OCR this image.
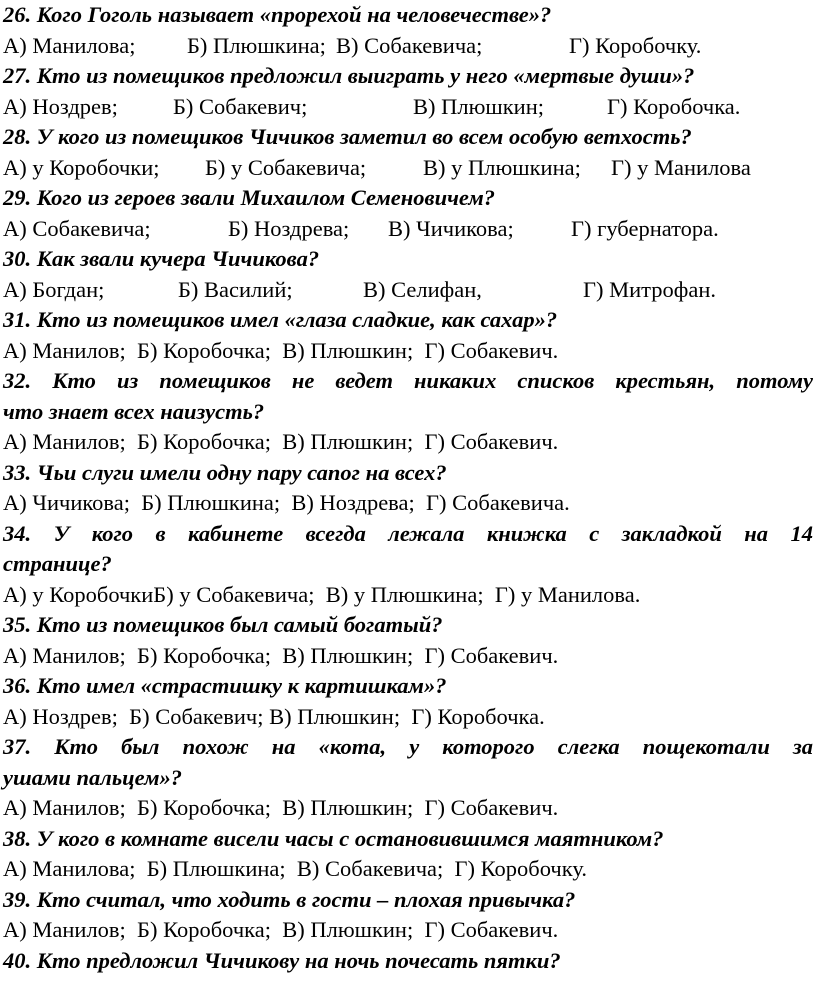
26. Кого Гоголь называет «прорехой на человечестве»?

А) Манилова;

Б) Плюшкина;

В) Собакевича;

	Г) Коробочку.

27. Кто из помещиков предложил выиграть у него «мертвые души»?

А) Ноздрев;

Б) Собакевич;

	В) Плюшкин;

	Г) Коробочка.

28. У кого из помещиков Чичиков заметил во всем особую ветхость?

А) у Коробочки;

Б) у Собакевича;

	В) у Плюшкина;

Г) у Манилова

29. Кого из героев звали Михаилом Семеновичем?

А) Собакевича;

	Б) Ноздрева;

В) Чичикова;

	Г) губернатора.

30. Как звали кучера Чичикова?

А) Богдан;

	Б) Василий;

	В) Селифан,

	Г) Митрофан.

31. Кто из помещиков имел «глаза сладкие, как сахар»?
А) Манилов;  Б) Коробочка;  В) Плюшкин;  Г) Собакевич.
32. Кто из помещиков не ведет никаких списков крестьян, потому
что знает всех наизусть?
А) Манилов;  Б) Коробочка;  В) Плюшкин;  Г) Собакевич.
33. Чьи слуги имели одну пару сапог на всех?
А) Чичикова;  Б) Плюшкина;  В) Ноздрева;  Г) Собакевича.
34. У кого в кабинете всегда лежала книжка с закладкой на 14
странице?
А) у КоробочкиБ) у Собакевича;  В) у Плюшкина;  Г) у Манилова.
35. Кто из помещиков был самый богатый?
А) Манилов;  Б) Коробочка;  В) Плюшкин;  Г) Собакевич.
36. Кто имел «страстишку к картишкам»?
А) Ноздрев;  Б) Собакевич; В) Плюшкин;  Г) Коробочка.
37. Кто был похож на «кота, у которого слегка пощекотали за
ушами пальцем»?
А) Манилов;  Б) Коробочка;  В) Плюшкин;  Г) Собакевич.
38. У кого в комнате висели часы с остановившимся маятником?
А) Манилова;  Б) Плюшкина;  В) Собакевича;  Г) Коробочку.
39. Кто считал, что ходить в гости – плохая привычка?
А) Манилов;  Б) Коробочка;  В) Плюшкин;  Г) Собакевич.
40. Кто предложил Чичикову на ночь почесать пятки?
